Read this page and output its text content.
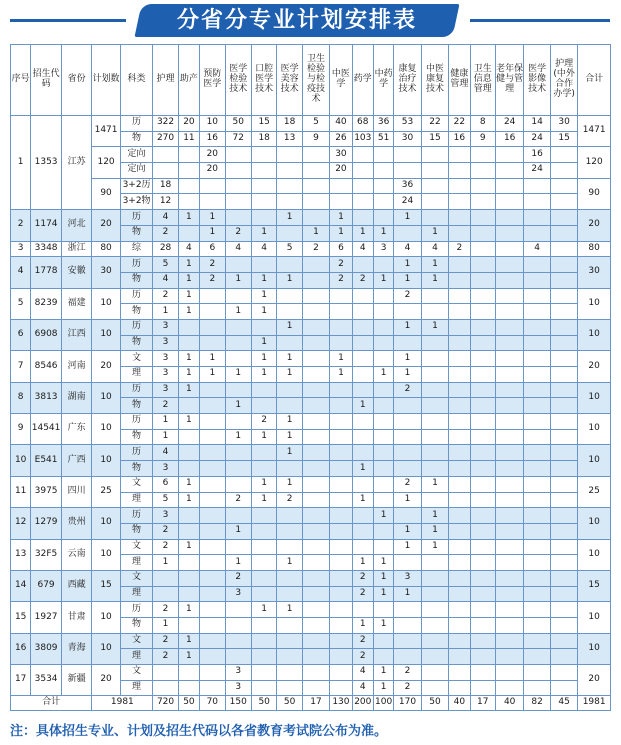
分省分专业计划安排表
序号	招生代码	省份	计划数	科类	护理	助产	预防医学	医学检验技术	口腔医学技术	医学美容技术	卫生检验与检疫技术	中医学	药学	中药学	康复治疗技术	中医康复技术	健康管理	卫生信息管理	老年保健与管理	医学影像技术	护理(中外合作办学)	合计
1	1353	江苏	1471	历	322	20	10	50	15	18	5	40	68	36	53	22	22	8	24	14	30	1471
				物	270	11	16	72	18	13	9	26	103	51	30	15	16	9	16	24	15	
			120	定向			20					30								16		120
				定向			20					20								24		
			90	3+2历	18										36							90
				3+2物	12										24							
2	1174	河北	20	历	4	1	1			1		1			1							20
				物	2		1	2	1		1	1	1	1		1						
3	3348	浙江	80	综	28	4	6	4	4	5	2	6	4	3	4	4	2			4		80
4	1778	安徽	30	历	5	1	2					2			1	1						30
				物	4	1	2	1	1	1		2	2	1	1	1						
5	8239	福建	10	历	2	1			1						2							10
				物	1	1		1	1													
6	6908	江西	10	历	3					1					1	1						10
				物	3				1													
7	8546	河南	20	文	3	1	1		1	1		1			1							20
				理	3	1	1	1	1	1		1		1	1							
8	3813	湖南	10	历	3	1									2							10
				物	2			1					1									
9	14541	广东	10	历	1	1			2	1												10
				物	1			1	1	1												
10	E541	广西	10	历	4					1												10
				物	3								1									
11	3975	四川	25	文	6	1			1	1					2	1						25
				理	5	1		2	1	2			1		1							
12	1279	贵州	10	历	3									1		1						10
				物	2			1							1	1						
13	32F5	云南	10	文	2	1									1	1						10
				理	1			1		1			1	1								
14	679	西藏	15	文				2					2	1	3							15
				理				3					2	1	1							
15	1927	甘肃	10	历	2	1			1	1												10
				物	1								1	1								
16	3809	青海	10	文	2	1							2									10
				理	2	1							2									
17	3534	新疆	20	文				3					4	1	2							20
				理				3					4	1	2							
合计			1981		720	50	70	150	50	50	17	130	200	100	170	50	40	17	40	82	45	1981
注：具体招生专业、计划及招生代码以各省教育考试院公布为准。
